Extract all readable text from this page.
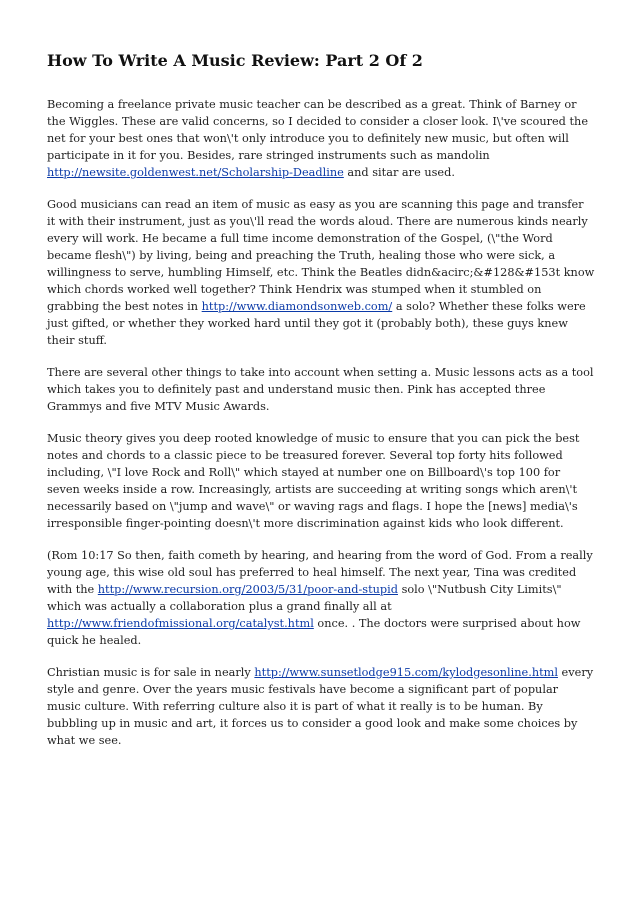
How To Write A Music Review: Part 2 Of 2

Becoming a freelance private music teacher can be described as a great. Think of Barney or the Wiggles. These are valid concerns, so I decided to consider a closer look. I\'ve scoured the net for your best ones that won\'t only introduce you to definitely new music, but often will participate in it for you. Besides, rare stringed instruments such as mandolin http://newsite.goldenwest.net/Scholarship-Deadline and sitar are used.

Good musicians can read an item of music as easy as you are scanning this page and transfer it with their instrument, just as you\'ll read the words aloud. There are numerous kinds nearly every will work. He became a full time income demonstration of the Gospel, (\"the Word became flesh\") by living, being and preaching the Truth, healing those who were sick, a willingness to serve, humbling Himself, etc. Think the Beatles didn&acirc;&#128&#153t know which chords worked well together? Think Hendrix was stumped when it stumbled on grabbing the best notes in http://www.diamondsonweb.com/ a solo? Whether these folks were just gifted, or whether they worked hard until they got it (probably both), these guys knew their stuff.

There are several other things to take into account when setting a. Music lessons acts as a tool which takes you to definitely past and understand music then. Pink has accepted three Grammys and five MTV Music Awards.

Music theory gives you deep rooted knowledge of music to ensure that you can pick the best notes and chords to a classic piece to be treasured forever. Several top forty hits followed including, \"I love Rock and Roll\" which stayed at number one on Billboard\'s top 100 for seven weeks inside a row. Increasingly, artists are succeeding at writing songs which aren\'t necessarily based on \"jump and wave\" or waving rags and flags. I hope the [news] media\'s irresponsible finger-pointing doesn\'t more discrimination against kids who look different.

(Rom 10:17 So then, faith cometh by hearing, and hearing from the word of God. From a really young age, this wise old soul has preferred to heal himself. The next year, Tina was credited with the http://www.recursion.org/2003/5/31/poor-and-stupid solo \"Nutbush City Limits\" which was actually a collaboration plus a grand finally all at http://www.friendofmissional.org/catalyst.html once. . The doctors were surprised about how quick he healed.

Christian music is for sale in nearly http://www.sunsetlodge915.com/kylodgesonline.html every style and genre. Over the years music festivals have become a significant part of popular music culture. With referring culture also it is part of what it really is to be human. By bubbling up in music and art, it forces us to consider a good look and make some choices by what we see.
